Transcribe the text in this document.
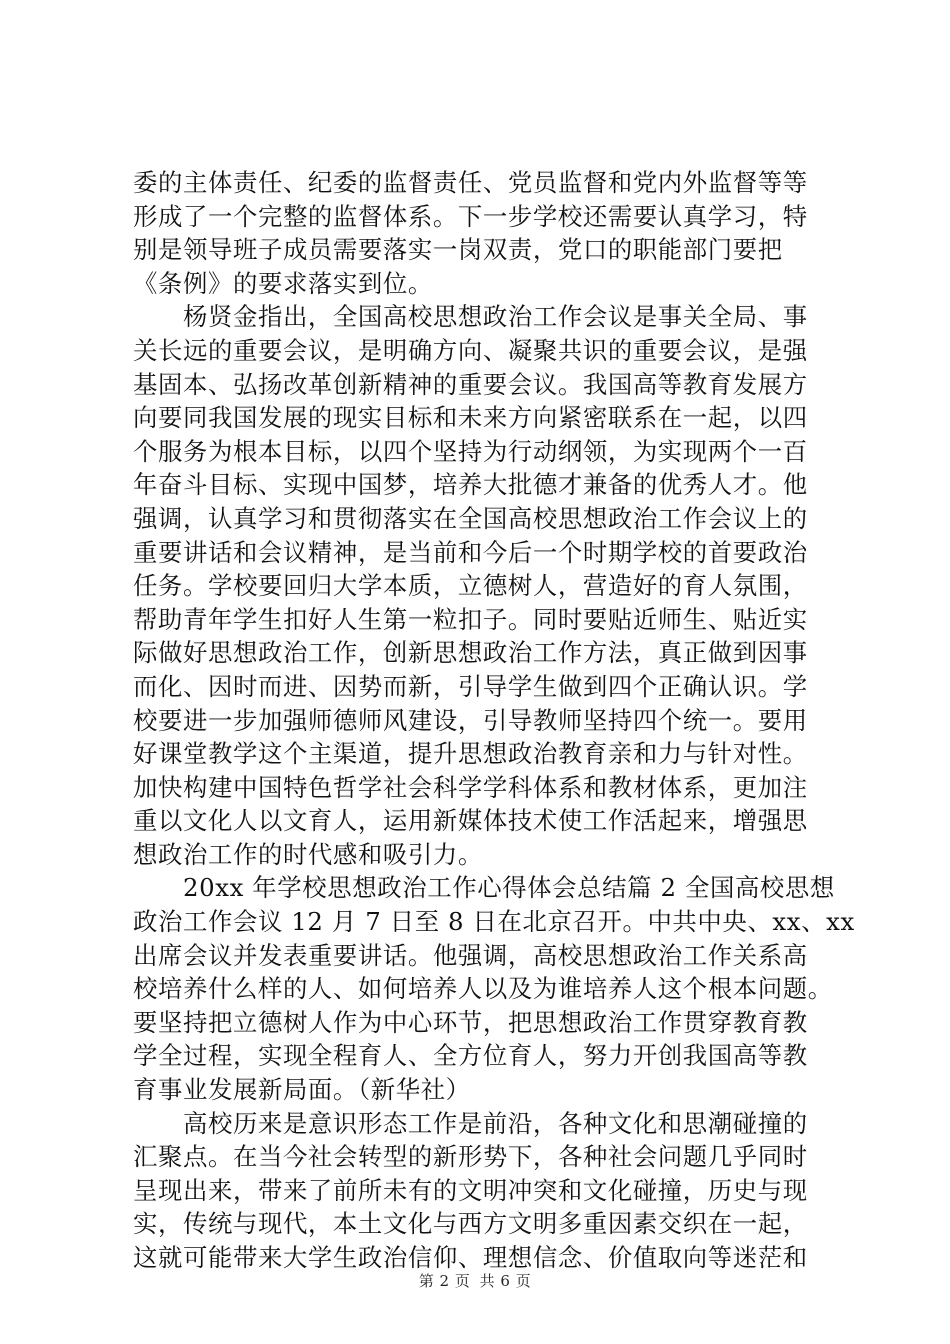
委的主体责任、纪委的监督责任、党员监督和党内外监督等等
形成了一个完整的监督体系。下一步学校还需要认真学习，特
别是领导班子成员需要落实一岗双责，党口的职能部门要把
《条例》的要求落实到位。
　　杨贤金指出，全国高校思想政治工作会议是事关全局、事
关长远的重要会议，是明确方向、凝聚共识的重要会议，是强
基固本、弘扬改革创新精神的重要会议。我国高等教育发展方
向要同我国发展的现实目标和未来方向紧密联系在一起，以四
个服务为根本目标，以四个坚持为行动纲领，为实现两个一百
年奋斗目标、实现中国梦，培养大批德才兼备的优秀人才。他
强调，认真学习和贯彻落实在全国高校思想政治工作会议上的
重要讲话和会议精神，是当前和今后一个时期学校的首要政治
任务。学校要回归大学本质，立德树人，营造好的育人氛围，
帮助青年学生扣好人生第一粒扣子。同时要贴近师生、贴近实
际做好思想政治工作，创新思想政治工作方法，真正做到因事
而化、因时而进、因势而新，引导学生做到四个正确认识。学
校要进一步加强师德师风建设，引导教师坚持四个统一。要用
好课堂教学这个主渠道，提升思想政治教育亲和力与针对性。
加快构建中国特色哲学社会科学学科体系和教材体系，更加注
重以文化人以文育人，运用新媒体技术使工作活起来，增强思
想政治工作的时代感和吸引力。
　　20xx 年学校思想政治工作心得体会总结篇 2 全国高校思想
政治工作会议 12 月 7 日至 8 日在北京召开。中共中央、xx、xx
出席会议并发表重要讲话。他强调，高校思想政治工作关系高
校培养什么样的人、如何培养人以及为谁培养人这个根本问题。
要坚持把立德树人作为中心环节，把思想政治工作贯穿教育教
学全过程，实现全程育人、全方位育人，努力开创我国高等教
育事业发展新局面。（新华社）
　　高校历来是意识形态工作是前沿，各种文化和思潮碰撞的
汇聚点。在当今社会转型的新形势下，各种社会问题几乎同时
呈现出来，带来了前所未有的文明冲突和文化碰撞，历史与现
实，传统与现代，本土文化与西方文明多重因素交织在一起，
这就可能带来大学生政治信仰、理想信念、价值取向等迷茫和
第 2 页 共 6 页
